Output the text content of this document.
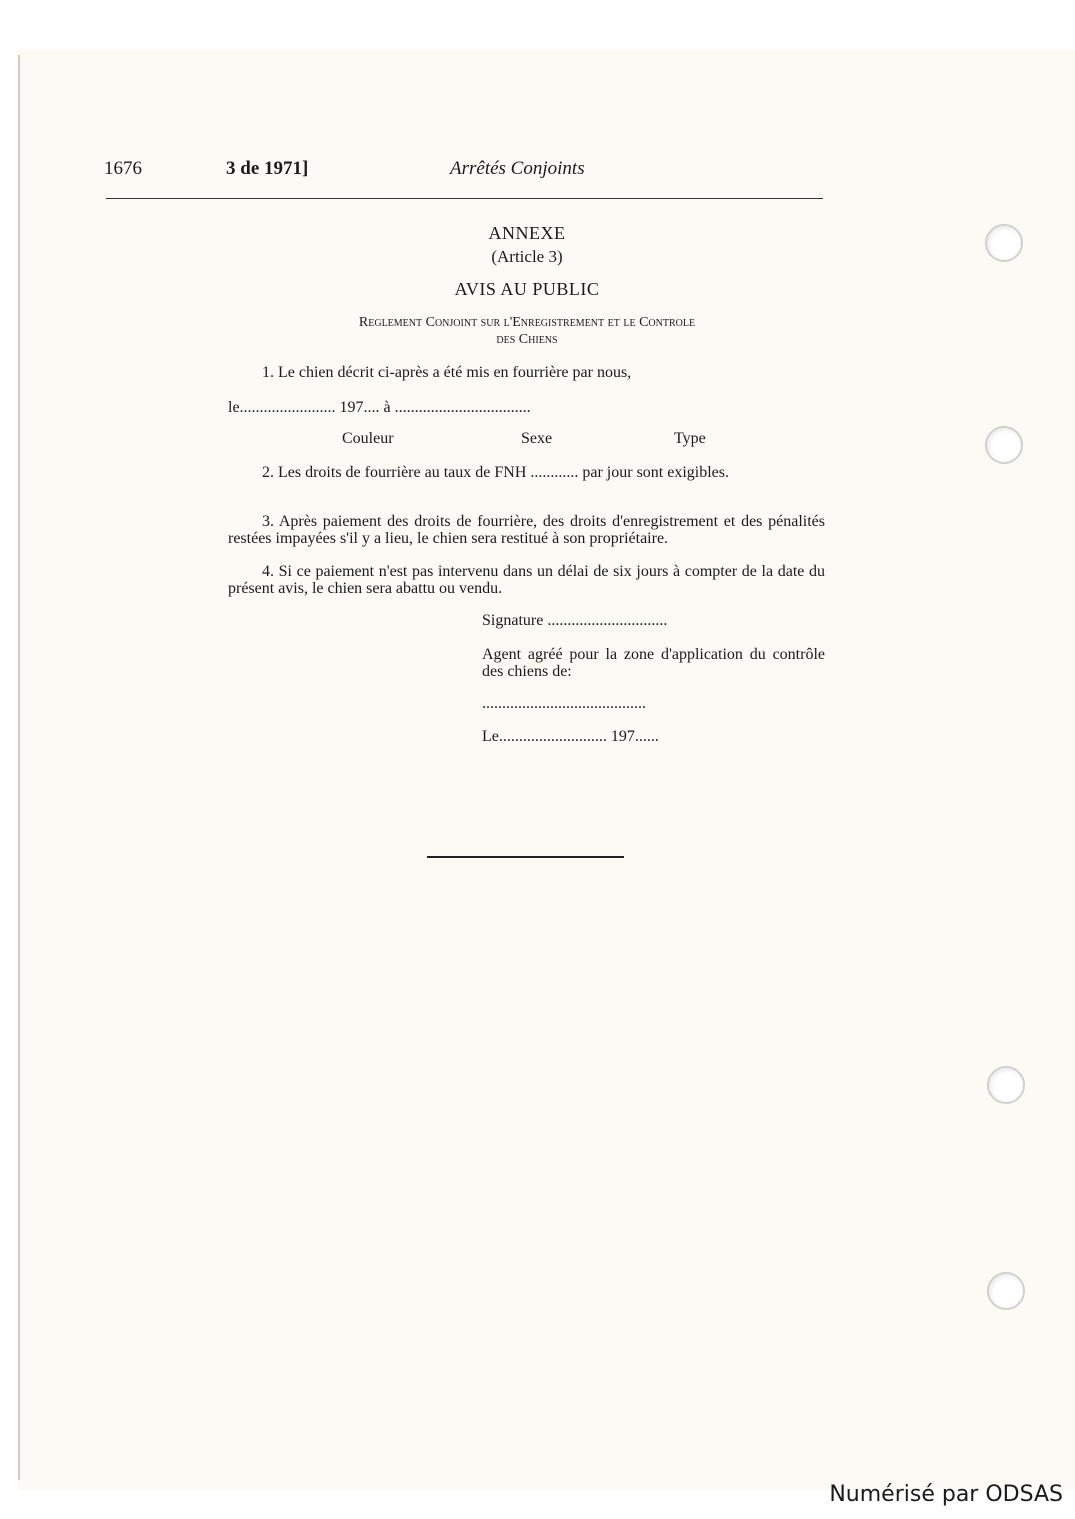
1676	3 de 1971]	Arrêtés Conjoints
ANNEXE
(Article 3)
AVIS AU PUBLIC
Reglement Conjoint sur l'Enregistrement et le Controle
des Chiens
1. Le chien décrit ci-après a été mis en fourrière par nous,
le........................ 197.... à ..................................
Couleur	Sexe	Type
2. Les droits de fourrière au taux de FNH ............ par jour sont exigibles.
3. Après paiement des droits de fourrière, des droits d'enregistrement et des pénalités restées impayées s'il y a lieu, le chien sera restitué à son propriétaire.
4. Si ce paiement n'est pas intervenu dans un délai de six jours à compter de la date du présent avis, le chien sera abattu ou vendu.
Signature ..............................
Agent agréé pour la zone d'application du contrôle des chiens de:
.........................................
Le........................... 197......
Numérisé par ODSAS
